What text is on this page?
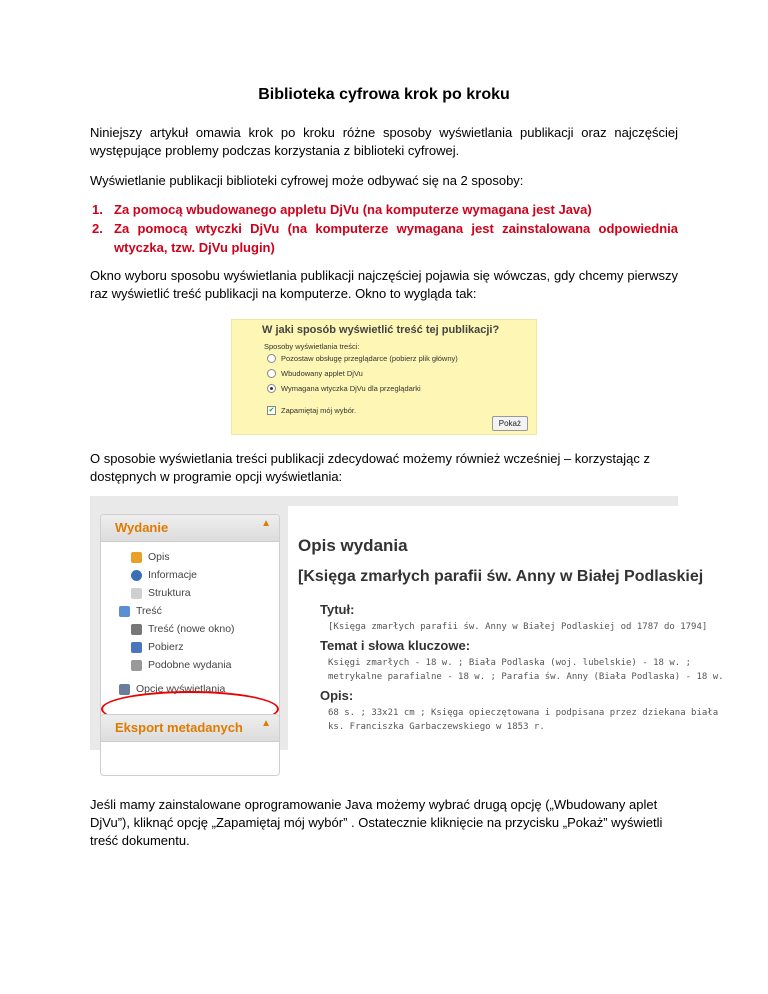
Biblioteka cyfrowa krok po kroku
Niniejszy artykuł omawia krok po kroku różne sposoby wyświetlania publikacji oraz najczęściej występujące problemy podczas korzystania z biblioteki cyfrowej.
Wyświetlanie publikacji biblioteki cyfrowej może odbywać się na 2 sposoby:
1. Za pomocą wbudowanego appletu DjVu (na komputerze wymagana jest Java)
2. Za pomocą wtyczki DjVu (na komputerze wymagana jest zainstalowana odpowiednia wtyczka, tzw. DjVu plugin)
Okno wyboru sposobu wyświetlania publikacji najczęściej pojawia się wówczas, gdy chcemy pierwszy raz wyświetlić treść publikacji na komputerze. Okno to wygląda tak:
W jaki sposób wyświetlić treść tej publikacji?
Sposoby wyświetlania treści:
Pozostaw obsługę przeglądarce (pobierz plik główny)
Wbudowany applet DjVu
Wymagana wtyczka DjVu dla przeglądarki
✔ Zapamiętaj mój wybór.
Pokaż
O sposobie wyświetlania treści publikacji zdecydować możemy również wcześniej – korzystając z dostępnych w programie opcji wyświetlania:
Wydanie	▲
Opis
Informacje
Struktura
Treść
Treść (nowe okno)
Pobierz
Podobne wydania
Opcje wyświetlania
Eksport metadanych ▲
Opis wydania
[Księga zmarłych parafii św. Anny w Białej Podlaskiej
Tytuł:
[Księga zmarłych parafii św. Anny w Białej Podlaskiej od 1787 do 1794]
Temat i słowa kluczowe:
Księgi zmarłych - 18 w. ; Biała Podlaska (woj. lubelskie) - 18 w. ;
metrykalne parafialne - 18 w. ; Parafia św. Anny (Biała Podlaska) - 18 w.
Opis:
68 s. ; 33x21 cm ; Księga opieczętowana i podpisana przez dziekana biała
ks. Franciszka Garbaczewskiego w 1853 r.
Jeśli mamy zainstalowane oprogramowanie Java możemy wybrać drugą opcję („Wbudowany aplet DjVu”), kliknąć opcję „Zapamiętaj mój wybór” . Ostatecznie kliknięcie na przycisku „Pokaż” wyświetli treść dokumentu.
